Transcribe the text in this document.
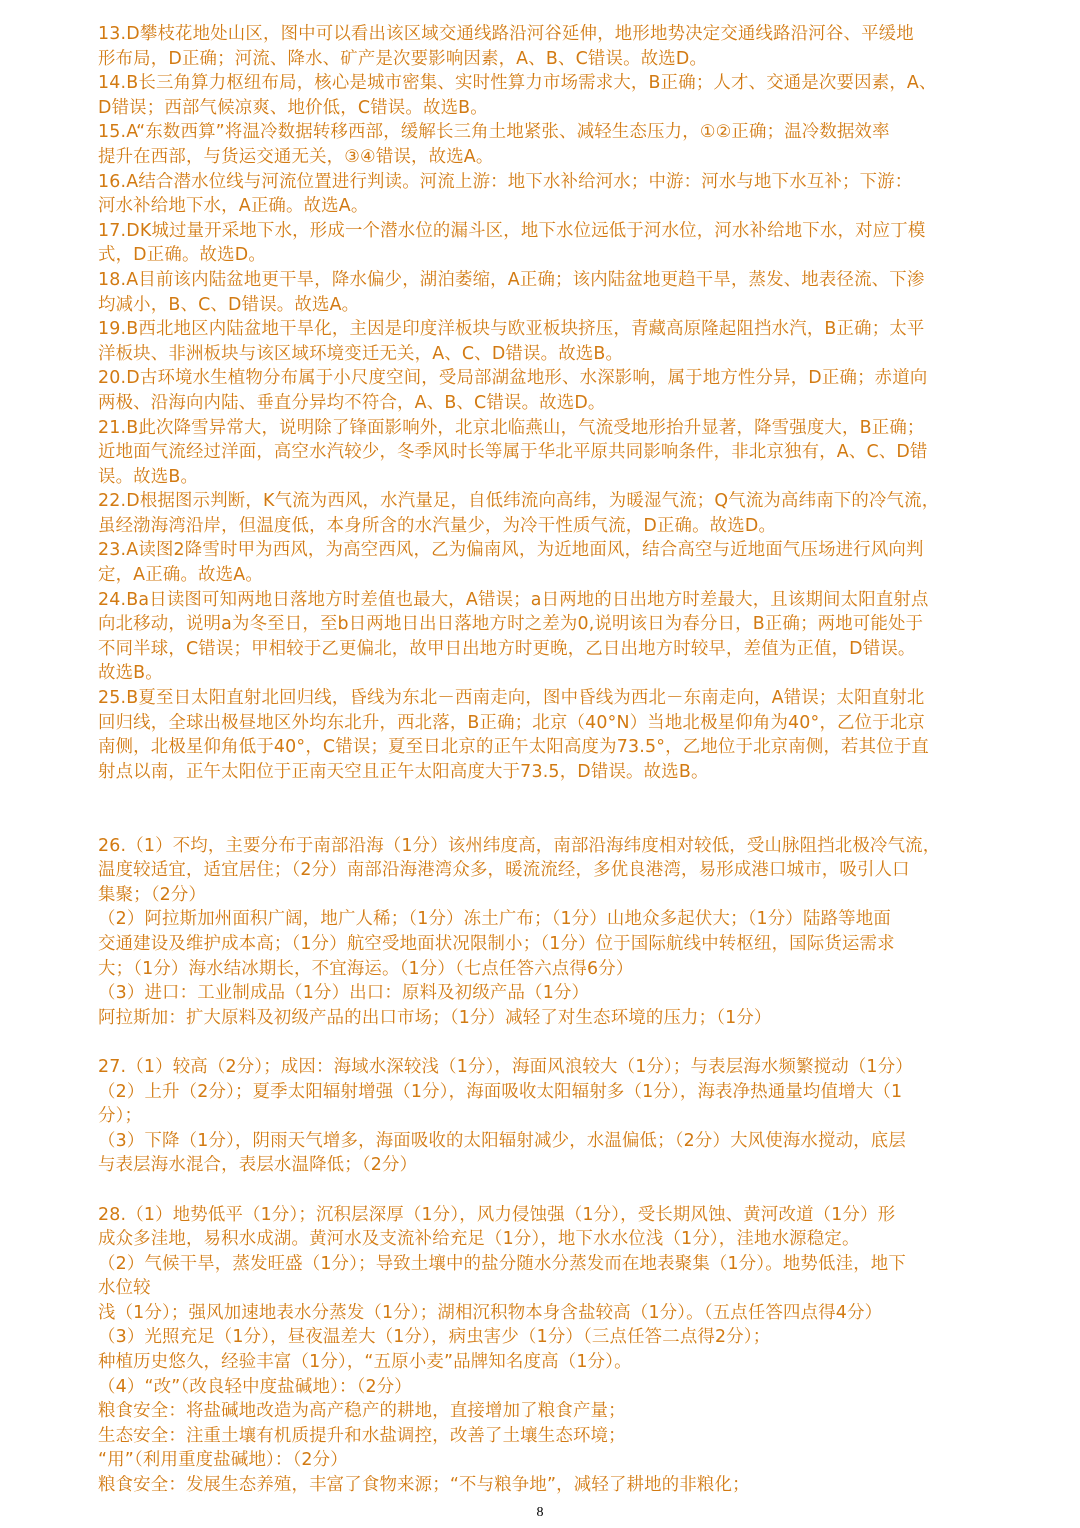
13.D攀枝花地处山区，图中可以看出该区域交通线路沿河谷延伸，地形地势决定交通线路沿河谷、平缓地
形布局，D正确；河流、降水、矿产是次要影响因素，A、B、C错误。故选D。
14.B长三角算力枢纽布局，核心是城市密集、实时性算力市场需求大，B正确；人才、交通是次要因素，A、
D错误；西部气候凉爽、地价低，C错误。故选B。
15.A“东数西算”将温冷数据转移西部，缓解长三角土地紧张、减轻生态压力，①②正确；温冷数据效率
提升在西部，与货运交通无关，③④错误，故选A。
16.A结合潜水位线与河流位置进行判读。河流上游：地下水补给河水；中游：河水与地下水互补；下游：
河水补给地下水，A正确。故选A。
17.DK城过量开采地下水，形成一个潜水位的漏斗区，地下水位远低于河水位，河水补给地下水，对应丁模
式，D正确。故选D。
18.A目前该内陆盆地更干旱，降水偏少，湖泊萎缩，A正确；该内陆盆地更趋干旱，蒸发、地表径流、下渗
均减小，B、C、D错误。故选A。
19.B西北地区内陆盆地干旱化，主因是印度洋板块与欧亚板块挤压，青藏高原隆起阻挡水汽，B正确；太平
洋板块、非洲板块与该区域环境变迁无关，A、C、D错误。故选B。
20.D古环境水生植物分布属于小尺度空间，受局部湖盆地形、水深影响，属于地方性分异，D正确；赤道向
两极、沿海向内陆、垂直分异均不符合，A、B、C错误。故选D。
21.B此次降雪异常大，说明除了锋面影响外，北京北临燕山，气流受地形抬升显著，降雪强度大，B正确；
近地面气流经过洋面，高空水汽较少，冬季风时长等属于华北平原共同影响条件，非北京独有，A、C、D错
误。故选B。
22.D根据图示判断，K气流为西风，水汽量足，自低纬流向高纬，为暖湿气流；Q气流为高纬南下的冷气流，
虽经渤海湾沿岸，但温度低，本身所含的水汽量少，为冷干性质气流，D正确。故选D。
23.A读图2降雪时甲为西风，为高空西风，乙为偏南风，为近地面风，结合高空与近地面气压场进行风向判
定，A正确。故选A。
24.Ba日读图可知两地日落地方时差值也最大，A错误；a日两地的日出地方时差最大，且该期间太阳直射点
向北移动，说明a为冬至日，至b日两地日出日落地方时之差为0,说明该日为春分日，B正确；两地可能处于
不同半球，C错误；甲相较于乙更偏北，故甲日出地方时更晚，乙日出地方时较早，差值为正值，D错误。
故选B。
25.B夏至日太阳直射北回归线，昏线为东北－西南走向，图中昏线为西北－东南走向，A错误；太阳直射北
回归线，全球出极昼地区外均东北升，西北落，B正确；北京（40°N）当地北极星仰角为40°，乙位于北京
南侧，北极星仰角低于40°，C错误；夏至日北京的正午太阳高度为73.5°，乙地位于北京南侧，若其位于直
射点以南，正午太阳位于正南天空且正午太阳高度大于73.5，D错误。故选B。
26.（1）不均，主要分布于南部沿海（1分）该州纬度高，南部沿海纬度相对较低，受山脉阻挡北极冷气流，
温度较适宜，适宜居住；（2分）南部沿海港湾众多，暖流流经，多优良港湾，易形成港口城市，吸引人口
集聚；（2分）
（2）阿拉斯加州面积广阔，地广人稀；（1分）冻土广布；（1分）山地众多起伏大；（1分）陆路等地面
交通建设及维护成本高；（1分）航空受地面状况限制小；（1分）位于国际航线中转枢纽，国际货运需求
大；（1分）海水结冰期长，不宜海运。（1分）（七点任答六点得6分）
（3）进口：工业制成品（1分）出口：原料及初级产品（1分）
阿拉斯加：扩大原料及初级产品的出口市场；（1分）减轻了对生态环境的压力；（1分）
27.（1）较高（2分）；成因：海域水深较浅（1分），海面风浪较大（1分）；与表层海水频繁搅动（1分）
（2）上升（2分）；夏季太阳辐射增强（1分），海面吸收太阳辐射多（1分），海表净热通量均值增大（1
分）；
（3）下降（1分），阴雨天气增多，海面吸收的太阳辐射减少，水温偏低；（2分）大风使海水搅动，底层
与表层海水混合，表层水温降低；（2分）
28.（1）地势低平（1分）；沉积层深厚（1分），风力侵蚀强（1分），受长期风蚀、黄河改道（1分）形
成众多洼地，易积水成湖。黄河水及支流补给充足（1分），地下水水位浅（1分），洼地水源稳定。
（2）气候干旱，蒸发旺盛（1分）；导致土壤中的盐分随水分蒸发而在地表聚集（1分）。地势低洼，地下
水位较
浅（1分）；强风加速地表水分蒸发（1分）；湖相沉积物本身含盐较高（1分）。（五点任答四点得4分）
（3）光照充足（1分），昼夜温差大（1分），病虫害少（1分）（三点任答二点得2分）；
种植历史悠久，经验丰富（1分），“五原小麦”品牌知名度高（1分）。
（4）“改”（改良轻中度盐碱地）：（2分）
粮食安全：将盐碱地改造为高产稳产的耕地，直接增加了粮食产量；
生态安全：注重土壤有机质提升和水盐调控，改善了土壤生态环境；
“用”（利用重度盐碱地）：（2分）
粮食安全：发展生态养殖，丰富了食物来源；“不与粮争地”，减轻了耕地的非粮化；
8
